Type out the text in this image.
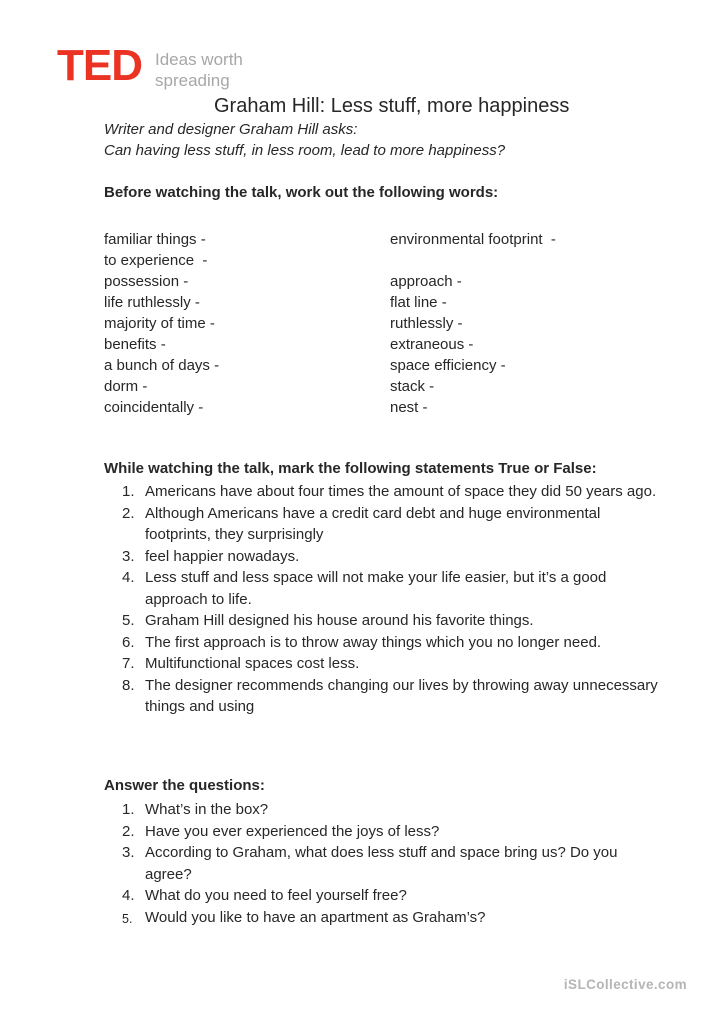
TED Ideas worth
spreading
Graham Hill: Less stuff, more happiness
Writer and designer Graham Hill asks:
Can having less stuff, in less room, lead to more happiness?
Before watching the talk, work out the following words:
familiar things -	environmental footprint  -
to experience  -
possession -	approach -
life ruthlessly -	flat line -
majority of time -	ruthlessly -
benefits -	extraneous -
a bunch of days -	space efficiency -
dorm -	stack -
coincidentally -	nest -
While watching the talk, mark the following statements True or False:
1. Americans have about four times the amount of space they did 50 years ago.
2. Although Americans have a credit card debt and huge environmental footprints, they surprisingly
3. feel happier nowadays.
4. Less stuff and less space will not make your life easier, but it’s a good approach to life.
5. Graham Hill designed his house around his favorite things.
6. The first approach is to throw away things which you no longer need.
7. Multifunctional spaces cost less.
8. The designer recommends changing our lives by throwing away unnecessary things and using
Answer the questions:
1. What’s in the box?
2. Have you ever experienced the joys of less?
3. According to Graham, what does less stuff and space bring us? Do you agree?
4. What do you need to feel yourself free?
5. Would you like to have an apartment as Graham’s?
iSLCollective.com
